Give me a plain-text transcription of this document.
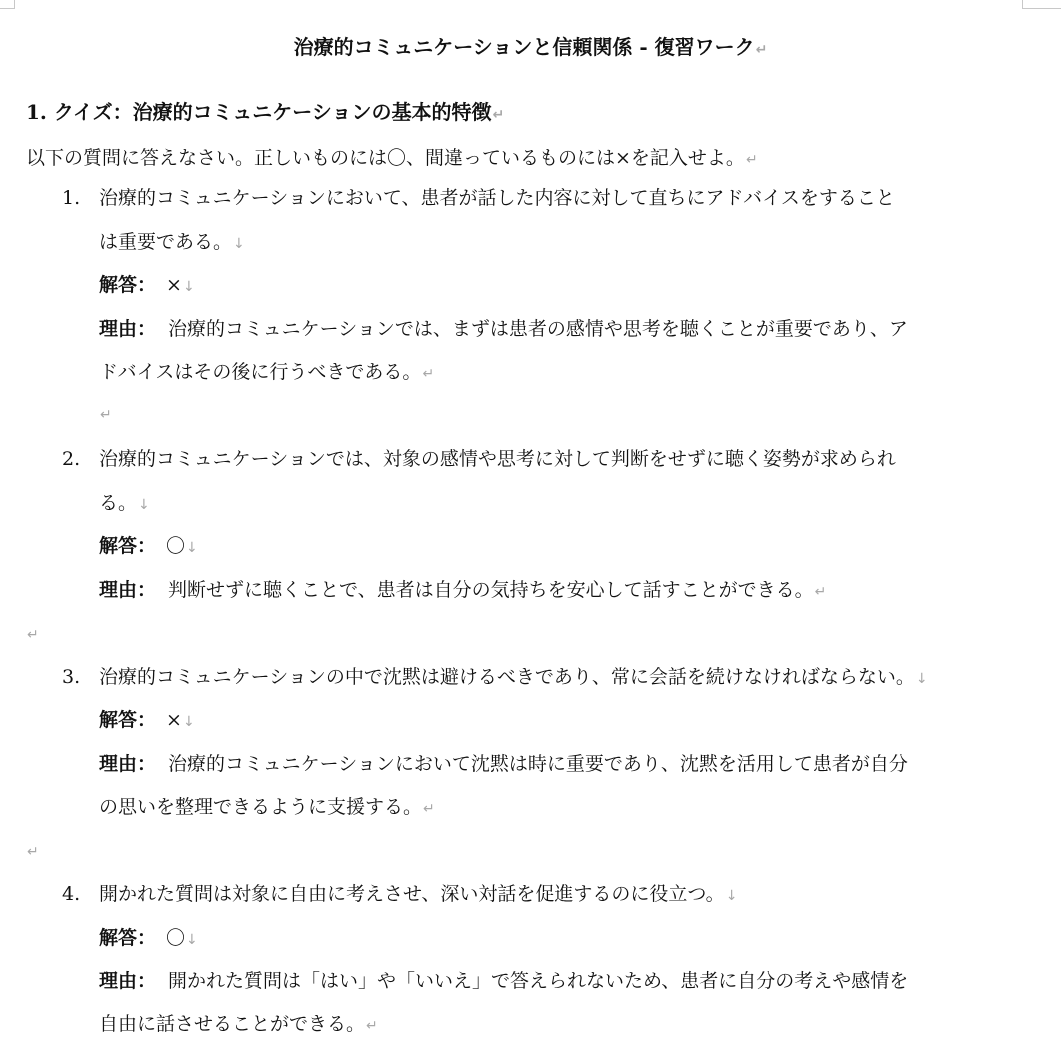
治療的コミュニケーションと信頼関係 - 復習ワーク↵
1. クイズ：治療的コミュニケーションの基本的特徴↵
以下の質問に答えなさい。正しいものには〇、間違っているものには×を記入せよ。↵
1. 治療的コミュニケーションにおいて、患者が話した内容に対して直ちにアドバイスをすること
は重要である。↓
解答： ×↓
理由： 治療的コミュニケーションでは、まずは患者の感情や思考を聴くことが重要であり、ア
ドバイスはその後に行うべきである。↵
↵
2. 治療的コミュニケーションでは、対象の感情や思考に対して判断をせずに聴く姿勢が求められ
る。↓
解答： 〇↓
理由： 判断せずに聴くことで、患者は自分の気持ちを安心して話すことができる。↵
↵
3. 治療的コミュニケーションの中で沈黙は避けるべきであり、常に会話を続けなければならない。↓
解答： ×↓
理由： 治療的コミュニケーションにおいて沈黙は時に重要であり、沈黙を活用して患者が自分
の思いを整理できるように支援する。↵
↵
4. 開かれた質問は対象に自由に考えさせ、深い対話を促進するのに役立つ。↓
解答： 〇↓
理由： 開かれた質問は「はい」や「いいえ」で答えられないため、患者に自分の考えや感情を
自由に話させることができる。↵
